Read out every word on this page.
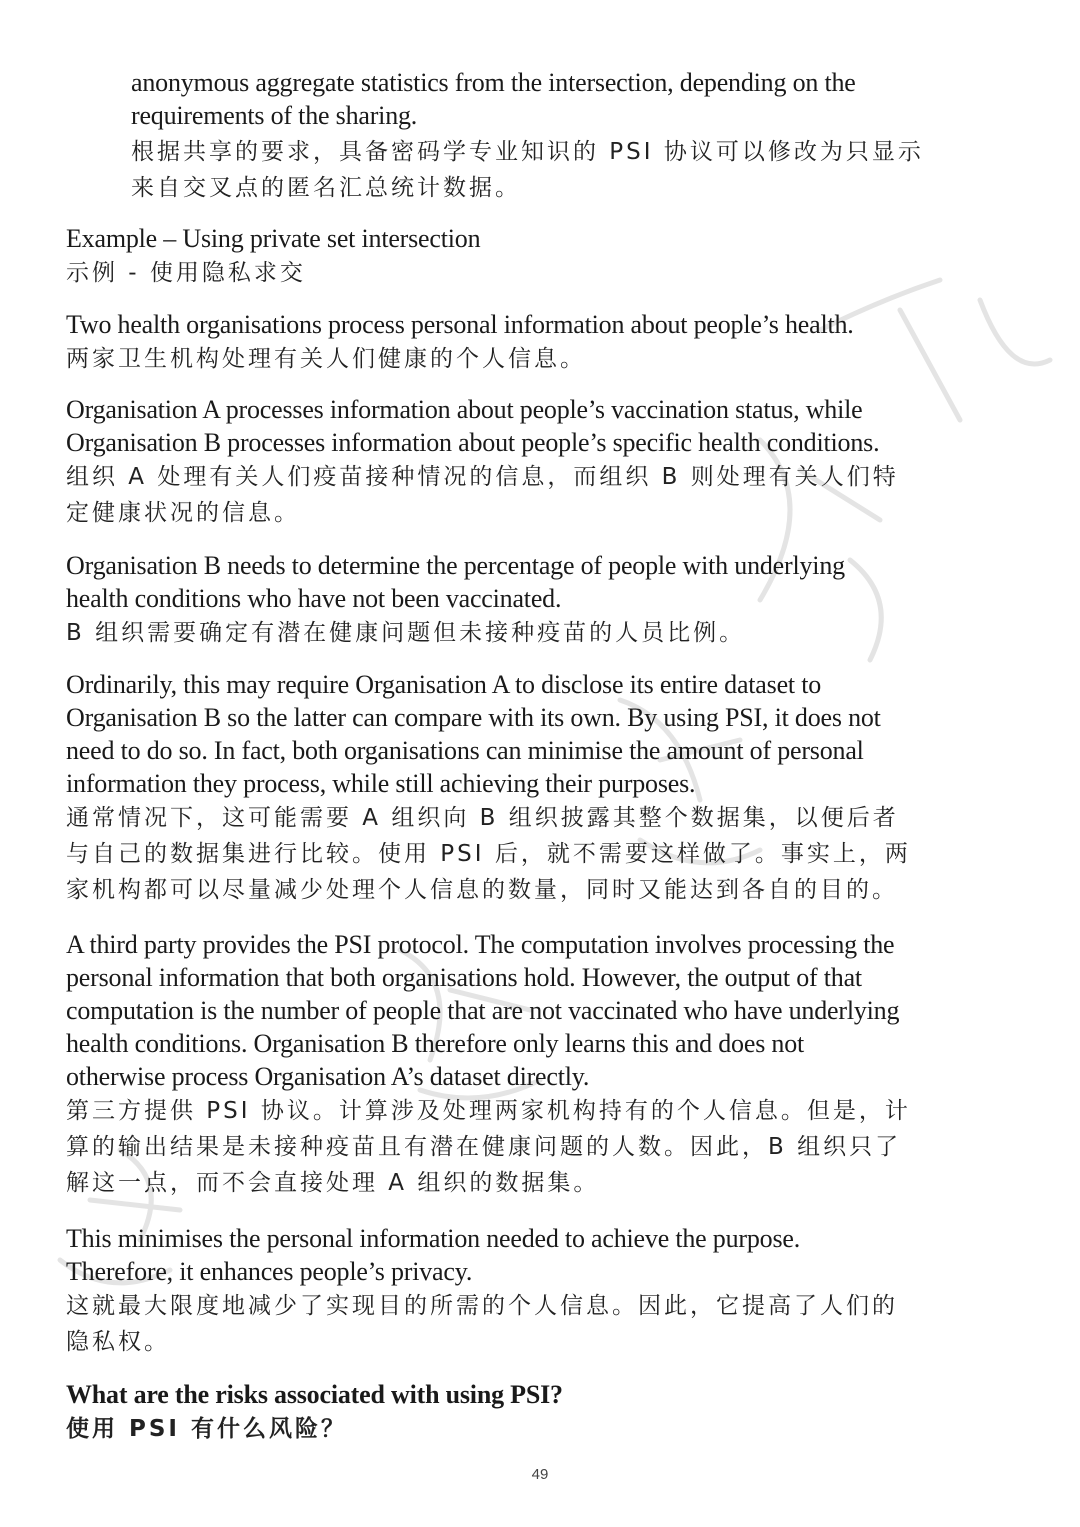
anonymous aggregate statistics from the intersection, depending on the
requirements of the sharing.
根据共享的要求，具备密码学专业知识的 PSI 协议可以修改为只显示
来自交叉点的匿名汇总统计数据。
Example – Using private set intersection
示例 - 使用隐私求交
Two health organisations process personal information about people’s health.
两家卫生机构处理有关人们健康的个人信息。
Organisation A processes information about people’s vaccination status, while
Organisation B processes information about people’s specific health conditions.
组织 A 处理有关人们疫苗接种情况的信息，而组织 B 则处理有关人们特
定健康状况的信息。
Organisation B needs to determine the percentage of people with underlying
health conditions who have not been vaccinated.
B 组织需要确定有潜在健康问题但未接种疫苗的人员比例。
Ordinarily, this may require Organisation A to disclose its entire dataset to
Organisation B so the latter can compare with its own. By using PSI, it does not
need to do so. In fact, both organisations can minimise the amount of personal
information they process, while still achieving their purposes.
通常情况下，这可能需要 A 组织向 B 组织披露其整个数据集，以便后者
与自己的数据集进行比较。使用 PSI 后，就不需要这样做了。事实上，两
家机构都可以尽量减少处理个人信息的数量，同时又能达到各自的目的。
A third party provides the PSI protocol. The computation involves processing the
personal information that both organisations hold. However, the output of that
computation is the number of people that are not vaccinated who have underlying
health conditions. Organisation B therefore only learns this and does not
otherwise process Organisation A’s dataset directly.
第三方提供 PSI 协议。计算涉及处理两家机构持有的个人信息。但是，计
算的输出结果是未接种疫苗且有潜在健康问题的人数。因此，B 组织只了
解这一点，而不会直接处理 A 组织的数据集。
This minimises the personal information needed to achieve the purpose.
Therefore, it enhances people’s privacy.
这就最大限度地减少了实现目的所需的个人信息。因此，它提高了人们的
隐私权。
What are the risks associated with using PSI?
使用 PSI 有什么风险？
49
